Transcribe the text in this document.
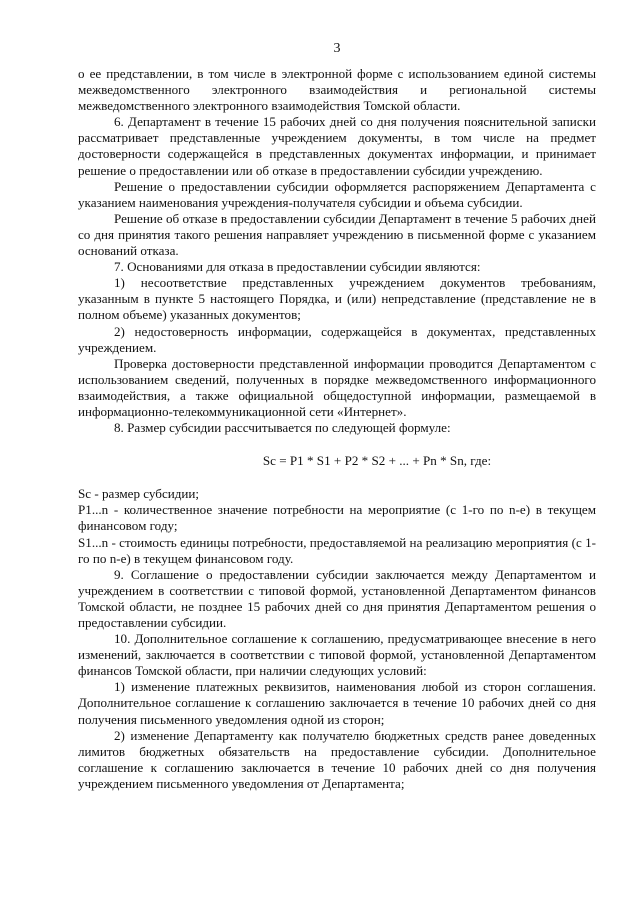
3

о ее представлении, в том числе в электронной форме с использованием единой системы межведомственного электронного взаимодействия и региональной системы межведомственного электронного взаимодействия Томской области.

6. Департамент в течение 15 рабочих дней со дня получения пояснительной записки рассматривает представленные учреждением документы, в том числе на предмет достоверности содержащейся в представленных документах информации, и принимает решение о предоставлении или об отказе в предоставлении субсидии учреждению.

Решение о предоставлении субсидии оформляется распоряжением Департамента с указанием наименования учреждения-получателя субсидии и объема субсидии.

Решение об отказе в предоставлении субсидии Департамент в течение 5 рабочих дней со дня принятия такого решения направляет учреждению в письменной форме с указанием оснований отказа.

7. Основаниями для отказа в предоставлении субсидии являются:

1) несоответствие представленных учреждением документов требованиям, указанным в пункте 5 настоящего Порядка, и (или) непредставление (представление не в полном объеме) указанных документов;

2) недостоверность информации, содержащейся в документах, представленных учреждением.

Проверка достоверности представленной информации проводится Департаментом с использованием сведений, полученных в порядке межведомственного информационного взаимодействия, а также официальной общедоступной информации, размещаемой в информационно-телекоммуникационной сети «Интернет».

8. Размер субсидии рассчитывается по следующей формуле:

Sc = P1 * S1 + P2 * S2 + ... + Pn * Sn, где:

Sc - размер субсидии;

P1...n - количественное значение потребности на мероприятие (с 1-го по n-е) в текущем финансовом году;

S1...n - стоимость единицы потребности, предоставляемой на реализацию мероприятия (с 1-го по n-е) в текущем финансовом году.

9. Соглашение о предоставлении субсидии заключается между Департаментом и учреждением в соответствии с типовой формой, установленной Департаментом финансов Томской области, не позднее 15 рабочих дней со дня принятия Департаментом решения о предоставлении субсидии.

10. Дополнительное соглашение к соглашению, предусматривающее внесение в него изменений, заключается в соответствии с типовой формой, установленной Департаментом финансов Томской области, при наличии следующих условий:

1) изменение платежных реквизитов, наименования любой из сторон соглашения. Дополнительное соглашение к соглашению заключается в течение 10 рабочих дней со дня получения письменного уведомления одной из сторон;

2) изменение Департаменту как получателю бюджетных средств ранее доведенных лимитов бюджетных обязательств на предоставление субсидии. Дополнительное соглашение к соглашению заключается в течение 10 рабочих дней со дня получения учреждением письменного уведомления от Департамента;
